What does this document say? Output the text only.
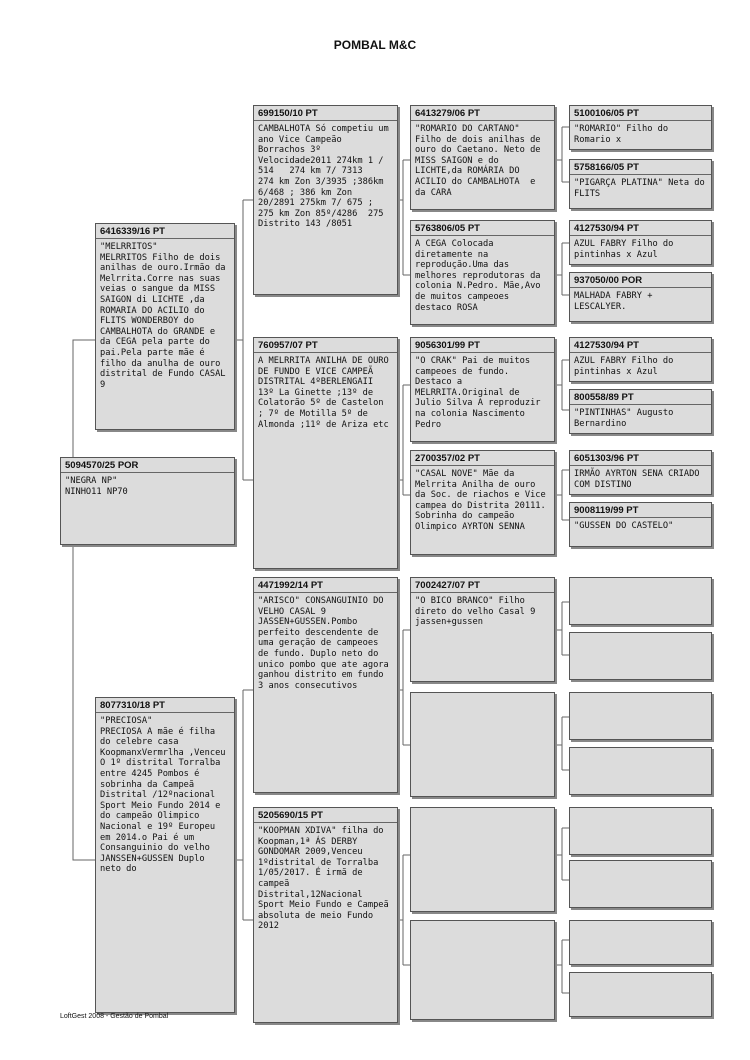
POMBAL M&C
5094570/25 POR
"NEGRA NP"
NINHO11 NP70
6416339/16 PT
"MELRRITOS"
MELRRITOS Filho de dois anilhas de ouro.Irmão da Melrrita.Corre nas suas veias o sangue da MISS SAIGON di LICHTE ,da ROMARIA DO ACILIO do FLITS WONDERBOY do CAMBALHOTA do GRANDE e da CEGA pela parte do pai.Pela parte mãe é filho da anulha de ouro distrital de Fundo CASAL 9
8077310/18 PT
"PRECIOSA"
PRECIOSA A mãe é filha do celebre casa KoopmanxVermrlha ,Venceu O 1º distrital Torralba entre 4245 Pombos é sobrinha da Campeã Distrital /12ºnacional Sport Meio Fundo 2014 e do campeão Olimpico Nacional e 19º Europeu em 2014.o Pai é um Consanguinio do velho JANSSEN+GUSSEN Duplo neto do
699150/10 PT
CAMBALHOTA Só competiu um ano Vice Campeão Borrachos 3º Velocidade2011 274km 1 / 514   274 km 7/ 7313   274 km Zon 3/3935 ;386km 6/468 ; 386 km Zon 20/2891 275km 7/ 675 ; 275 km Zon 85º/4286  275 Distrito 143 /8051
760957/07 PT
A MELRRITA ANILHA DE OURO DE FUNDO E VICE CAMPEÃ DISTRITAL 4ºBERLENGAII 13º La Ginette ;13º de Colatorão 5º de Castelon ; 7º de Motilla 5º de Almonda ;11º de Ariza etc
4471992/14 PT
"ARISCO" CONSANGUINIO DO VELHO CASAL 9 JASSEN+GUSSEN.Pombo perfeito descendente de uma geração de campeoes de fundo. Duplo neto do unico pombo que ate agora ganhou distrito em fundo 3 anos consecutivos
5205690/15 PT
"KOOPMAN XDIVA" filha do Koopman,1ª ÁS DERBY GONDOMAR 2009,Venceu 1ºdistrital de Torralba 1/05/2017. É irmã de campeã Distrital,12Nacional Sport Meio Fundo e Campeã absoluta de meio Fundo 2012
6413279/06 PT
"ROMARIO DO CARTANO" Filho de dois anilhas de ouro do Caetano. Neto de MISS SAIGON e do LICHTE,da ROMÁRIA DO ACILIO do CAMBALHOTA  e da CARA
5763806/05 PT
A CEGA Colocada diretamente na reprodução.Uma das melhores reprodutoras da colonia N.Pedro. Mãe,Avo de muitos campeoes destaco ROSA
9056301/99 PT
"O CRAK" Pai de muitos campeoes de fundo. Destaco a MELRRITA.Original de Julio Silva A reproduzir na colonia Nascimento Pedro
2700357/02 PT
"CASAL NOVE" Mãe da Melrrita Anilha de ouro da Soc. de riachos e Vice campea do Distrita 20111. Sobrinha do campeão Olimpico AYRTON SENNA
7002427/07 PT
"O BICO BRANCO" Filho direto do velho Casal 9 jassen+gussen
5100106/05 PT
"ROMARIO" Filho do Romario x
5758166/05 PT
"PIGARÇA PLATINA" Neta do FLITS
4127530/94 PT
AZUL FABRY Filho do pintinhas x Azul
937050/00 POR
MALHADA FABRY + LESCALYER.
4127530/94 PT
AZUL FABRY Filho do pintinhas x Azul
800558/89 PT
"PINTINHAS" Augusto Bernardino
6051303/96 PT
IRMÃO AYRTON SENA CRIADO COM DISTINO
9008119/99 PT
"GUSSEN DO CASTELO"
LoftGest 2008 - Gestão de Pombal
